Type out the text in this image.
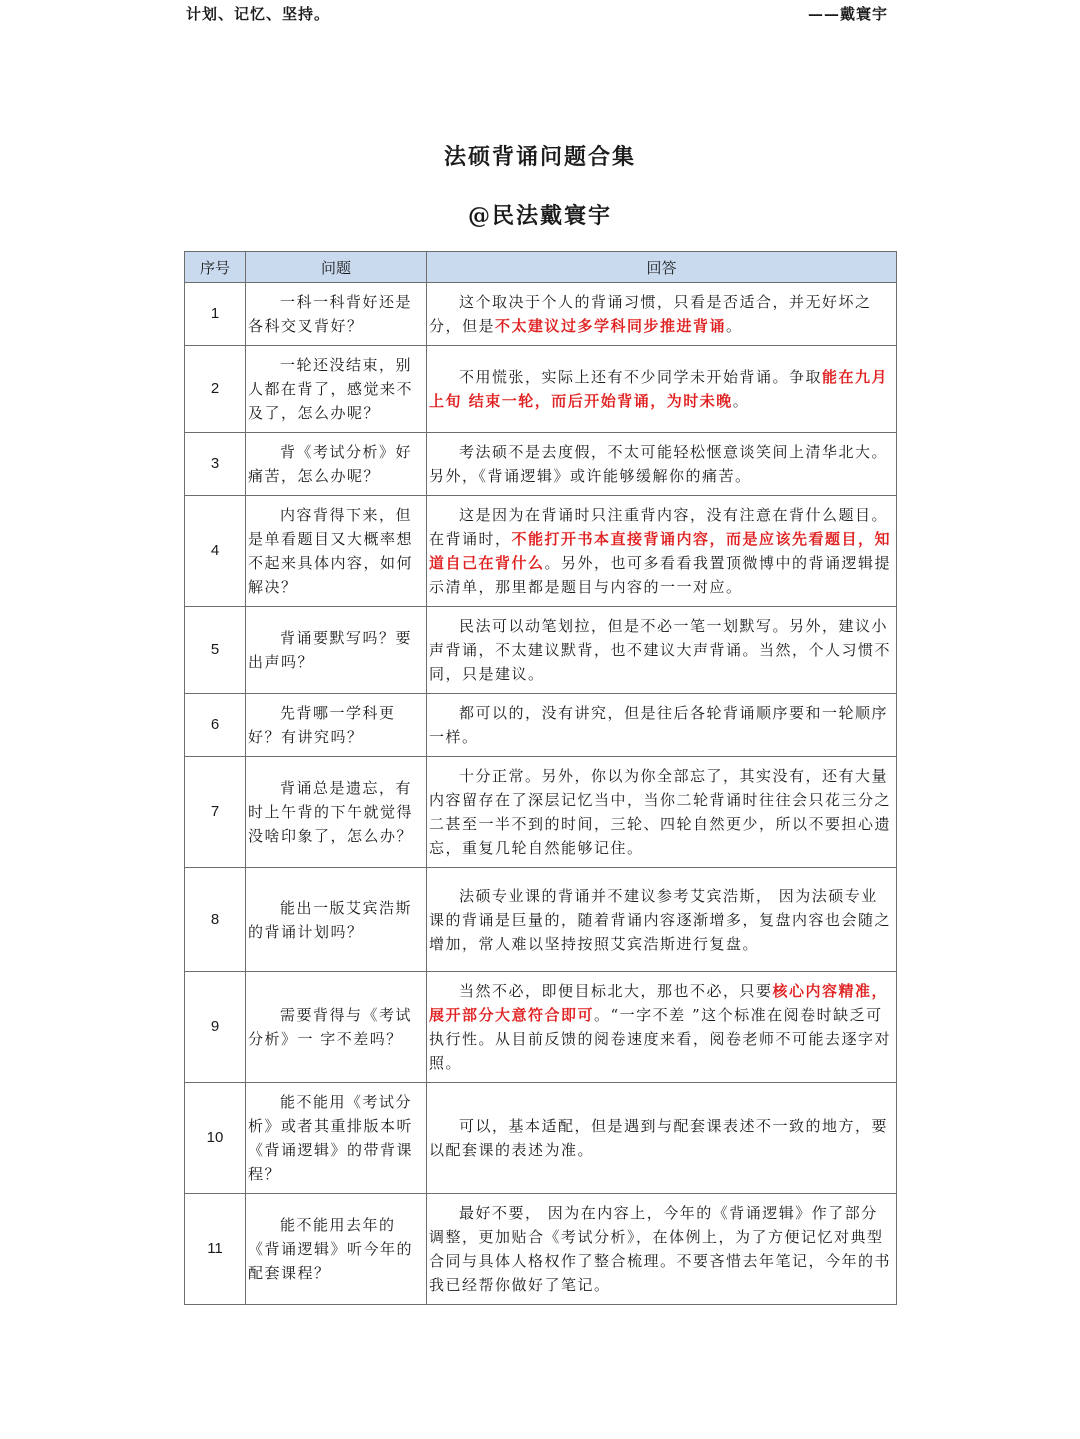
计划、记忆、坚持。	——戴寰宇
法硕背诵问题合集
@民法戴寰宇
序号	问题	回答
1	一科一科背好还是各科交叉背好？	这个取决于个人的背诵习惯，只看是否适合，并无好坏之分，但是不太建议过多学科同步推进背诵。
2	一轮还没结束，别人都在背了，感觉来不及了，怎么办呢？	不用慌张，实际上还有不少同学未开始背诵。争取能在九月上旬 结束一轮，而后开始背诵，为时未晚。
3	背《考试分析》好痛苦，怎么办呢？	考法硕不是去度假，不太可能轻松惬意谈笑间上清华北大。另外，《背诵逻辑》或许能够缓解你的痛苦。
4	内容背得下来，但是单看题目又大概率想不起来具体内容，如何解决？	这是因为在背诵时只注重背内容，没有注意在背什么题目。在背诵时，不能打开书本直接背诵内容，而是应该先看题目，知道自己在背什么。另外，也可多看看我置顶微博中的背诵逻辑提示清单，那里都是题目与内容的一一对应。
5	背诵要默写吗？要出声吗？	民法可以动笔划拉，但是不必一笔一划默写。另外，建议小声背诵，不太建议默背，也不建议大声背诵。当然，个人习惯不同，只是建议。
6	先背哪一学科更好？有讲究吗？	都可以的，没有讲究，但是往后各轮背诵顺序要和一轮顺序一样。
7	背诵总是遗忘，有时上午背的下午就觉得没啥印象了，怎么办？	十分正常。另外，你以为你全部忘了，其实没有，还有大量内容留存在了深层记忆当中，当你二轮背诵时往往会只花三分之二甚至一半不到的时间，三轮、四轮自然更少，所以不要担心遗忘，重复几轮自然能够记住。
8	能出一版艾宾浩斯的背诵计划吗？	法硕专业课的背诵并不建议参考艾宾浩斯， 因为法硕专业课的背诵是巨量的，随着背诵内容逐渐增多，复盘内容也会随之增加，常人难以坚持按照艾宾浩斯进行复盘。
9	需要背得与《考试分析》一 字不差吗？	当然不必，即便目标北大，那也不必，只要核心内容精准，展开部分大意符合即可。“一字不差 ”这个标准在阅卷时缺乏可执行性。从目前反馈的阅卷速度来看，阅卷老师不可能去逐字对照。
10	能不能用《考试分析》或者其重排版本听《背诵逻辑》的带背课程？	可以，基本适配，但是遇到与配套课表述不一致的地方，要以配套课的表述为准。
11	能不能用去年的《背诵逻辑》听今年的配套课程？	最好不要， 因为在内容上，今年的《背诵逻辑》作了部分调整，更加贴合《考试分析》，在体例上，为了方便记忆对典型合同与具体人格权作了整合梳理。不要吝惜去年笔记，今年的书我已经帮你做好了笔记。
